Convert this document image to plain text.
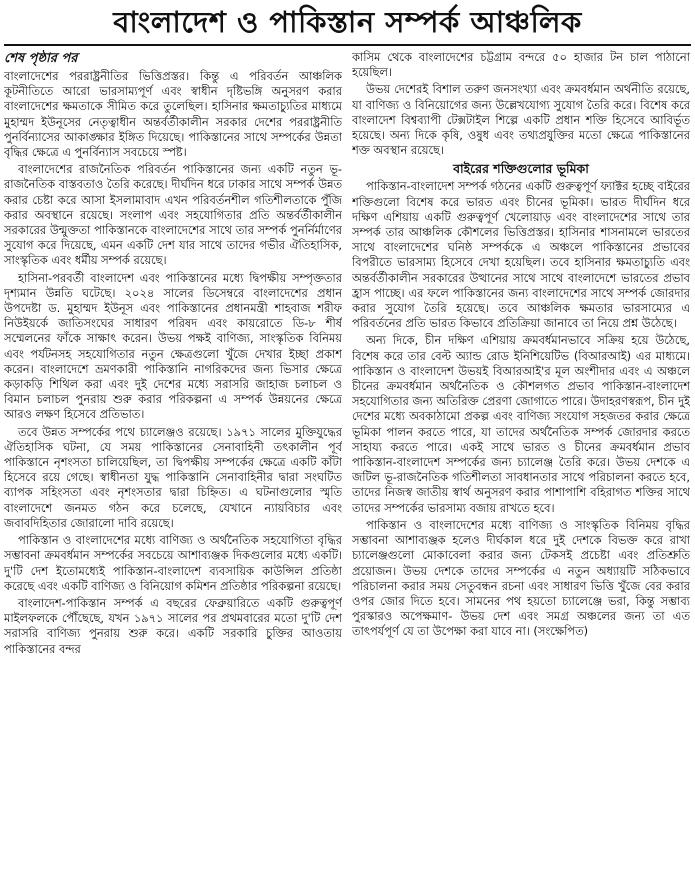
বাংলাদেশ ও পাকিস্তান সম্পর্ক আঞ্চলিক
শেষ পৃষ্ঠার পর

বাংলাদেশের পররাষ্ট্রনীতির ভিত্তিপ্রস্তর। কিন্তু এ পরিবর্তন আঞ্চলিক কূটনীতিতে আরো ভারসাম্যপূর্ণ এবং স্বাধীন দৃষ্টিভঙ্গি অনুসরণ করার বাংলাদেশের ক্ষমতাকে সীমিত করে তুলেছিল। হাসিনার ক্ষমতাচ্যুতির মাধ্যমে মুহাম্মদ ইউনূসের নেতৃত্বাধীন অন্তর্বর্তীকালীন সরকার দেশের পররাষ্ট্রনীতি পুনর্বিন্যাসের আকাঙ্ক্ষার ইঙ্গিত দিয়েছে। পাকিস্তানের সাথে সম্পর্কের উন্নতা বৃদ্ধির ক্ষেত্রে এ পুনর্বিন্যাস সবচেয়ে স্পষ্ট।

বাংলাদেশের রাজনৈতিক পরিবর্তন পাকিস্তানের জন্য একটি নতুন ভূ-রাজনৈতিক বাস্তবতাও তৈরি করেছে। দীর্ঘদিন ধরে ঢাকার সাথে সম্পর্ক উন্নত করার চেষ্টা করে আসা ইসলামাবাদ এখন পরিবর্তনশীল গতিশীলতাকে পুঁজি করার অবস্থানে রয়েছে। সংলাপ এবং সহযোগিতার প্রতি অন্তর্বর্তীকালীন সরকারের উন্মুক্ততা পাকিস্তানকে বাংলাদেশের সাথে তার সম্পর্ক পুনর্নির্মাণের সুযোগ করে দিয়েছে, এমন একটি দেশ যার সাথে তাদের গভীর ঐতিহাসিক, সাংস্কৃতিক এবং ধর্মীয় সম্পর্ক রয়েছে।

হাসিনা-পরবর্তী বাংলাদেশ এবং পাকিস্তানের মধ্যে দ্বিপক্ষীয় সম্পৃক্ততার দৃশ্যমান উন্নতি ঘটেছে। ২০২৪ সালের ডিসেম্বরে বাংলাদেশের প্রধান উপদেষ্টা ড. মুহাম্মদ ইউনূস এবং পাকিস্তানের প্রধানমন্ত্রী শাহবাজ শরীফ নিউইয়র্কে জাতিসংঘের সাধারণ পরিষদ এবং কায়রোতে ডি-৮ শীর্ষ সম্মেলনের ফাঁকে সাক্ষাৎ করেন। উভয় পক্ষই বাণিজ্য, সাংস্কৃতিক বিনিময় এবং পর্যটনসহ সহযোগিতার নতুন ক্ষেত্রগুলো খুঁজে দেখার ইচ্ছা প্রকাশ করেন। বাংলাদেশে ভ্রমণকারী পাকিস্তানি নাগরিকদের জন্য ভিসার ক্ষেত্রে কড়াকড়ি শিথিল করা এবং দুই দেশের মধ্যে সরাসরি জাহাজ চলাচল ও বিমান চলাচল পুনরায় শুরু করার পরিকল্পনা এ সম্পর্ক উন্নয়নের ক্ষেত্রে আরও লক্ষণ হিসেবে প্রতিভাত।

তবে উন্নত সম্পর্কের পথে চ্যালেঞ্জও রয়েছে। ১৯৭১ সালের মুক্তিযুদ্ধের ঐতিহাসিক ঘটনা, যে সময় পাকিস্তানের সেনাবাহিনী তৎকালীন পূর্ব পাকিস্তানে নৃশংসতা চালিয়েছিল, তা দ্বিপক্ষীয় সম্পর্কের ক্ষেত্রে একটি কাঁটা হিসেবে রয়ে গেছে। স্বাধীনতা যুদ্ধ পাকিস্তানি সেনাবাহিনীর দ্বারা সংঘটিত ব্যাপক সহিংসতা এবং নৃশংসতার দ্বারা চিহ্নিত। এ ঘটনাগুলোর স্মৃতি বাংলাদেশে জনমত গঠন করে চলেছে, যেখানে ন্যায়বিচার এবং জবাবদিহিতার জোরালো দাবি রয়েছে।

পাকিস্তান ও বাংলাদেশের মধ্যে বাণিজ্য ও অর্থনৈতিক সহযোগিতা বৃদ্ধির সম্ভাবনা ক্রমবর্ধমান সম্পর্কের সবচেয়ে আশাব্যঞ্জক দিকগুলোর মধ্যে একটি। দু'টি দেশ ইতোমধ্যেই পাকিস্তান-বাংলাদেশ ব্যবসায়িক কাউন্সিল প্রতিষ্ঠা করেছে এবং একটি বাণিজ্য ও বিনিয়োগ কমিশন প্রতিষ্ঠার পরিকল্পনা রয়েছে।

বাংলাদেশ-পাকিস্তান সম্পর্ক এ বছরের ফেব্রুয়ারিতে একটি গুরুত্বপূর্ণ মাইলফলকে পৌঁছেছে, যখন ১৯৭১ সালের পর প্রথমবারের মতো দু'টি দেশ সরাসরি বাণিজ্য পুনরায় শুরু করে। একটি সরকারি চুক্তির আওতায় পাকিস্তানের বন্দর

কাসিম থেকে বাংলাদেশের চট্টগ্রাম বন্দরে ৫০ হাজার টন চাল পাঠানো হয়েছিল।

উভয় দেশেরই বিশাল তরুণ জনসংখ্যা এবং ক্রমবর্ধমান অর্থনীতি রয়েছে, যা বাণিজ্য ও বিনিয়োগের জন্য উল্লেখযোগ্য সুযোগ তৈরি করে। বিশেষ করে বাংলাদেশ বিশ্বব্যাপী টেক্সটাইল শিল্পে একটি প্রধান শক্তি হিসেবে আবির্ভূত হয়েছে। অন্য দিকে কৃষি, ওষুধ এবং তথ্যপ্রযুক্তির মতো ক্ষেত্রে পাকিস্তানের শক্ত অবস্থান রয়েছে।

বাইরের শক্তিগুলোর ভূমিকা

পাকিস্তান-বাংলাদেশ সম্পর্ক গঠনের একটি গুরুত্বপূর্ণ ফ্যাক্টর হচ্ছে বাইরের শক্তিগুলো বিশেষ করে ভারত এবং চীনের ভূমিকা। ভারত দীর্ঘদিন ধরে দক্ষিণ এশিয়ায় একটি গুরুত্বপূর্ণ খেলোয়াড় এবং বাংলাদেশের সাথে তার সম্পর্ক তার আঞ্চলিক কৌশলের ভিত্তিপ্রস্তর। হাসিনার শাসনামলে ভারতের সাথে বাংলাদেশের ঘনিষ্ঠ সম্পর্ককে এ অঞ্চলে পাকিস্তানের প্রভাবের বিপরীতে ভারসাম্য হিসেবে দেখা হয়েছিল। তবে হাসিনার ক্ষমতাচ্যুতি এবং অন্তর্বর্তীকালীন সরকারের উত্থানের সাথে সাথে বাংলাদেশে ভারতের প্রভাব হ্রাস পাচ্ছে। এর ফলে পাকিস্তানের জন্য বাংলাদেশের সাথে সম্পর্ক জোরদার করার সুযোগ তৈরি হয়েছে। তবে আঞ্চলিক ক্ষমতার ভারসাম্যের এ পরিবর্তনের প্রতি ভারত কিভাবে প্রতিক্রিয়া জানাবে তা নিয়ে প্রশ্ন উঠেছে।

অন্য দিকে, চীন দক্ষিণ এশিয়ায় ক্রমবর্ধমানভাবে সক্রিয় হয়ে উঠেছে, বিশেষ করে তার বেল্ট অ্যান্ড রোড ইনিশিয়েটিভ (বিআরআই) এর মাধ্যমে। পাকিস্তান ও বাংলাদেশ উভয়ই বিআরআই'র মূল অংশীদার এবং এ অঞ্চলে চীনের ক্রমবর্ধমান অর্থনৈতিক ও কৌশলগত প্রভাব পাকিস্তান-বাংলাদেশ সহযোগিতার জন্য অতিরিক্ত প্রেরণা জোগাতে পারে। উদাহরণস্বরূপ, চীন দুই দেশের মধ্যে অবকাঠামো প্রকল্প এবং বাণিজ্য সংযোগ সহজতর করার ক্ষেত্রে ভূমিকা পালন করতে পারে, যা তাদের অর্থনৈতিক সম্পর্ক জোরদার করতে সাহায্য করতে পারে। একই সাথে ভারত ও চীনের ক্রমবর্ধমান প্রভাব পাকিস্তান-বাংলাদেশ সম্পর্কের জন্য চ্যালেঞ্জ তৈরি করে। উভয় দেশকে এ জটিল ভূ-রাজনৈতিক গতিশীলতা সাবধানতার সাথে পরিচালনা করতে হবে, তাদের নিজস্ব জাতীয় স্বার্থ অনুসরণ করার পাশাপাশি বহিরাগত শক্তির সাথে তাদের সম্পর্কের ভারসাম্য বজায় রাখতে হবে।

পাকিস্তান ও বাংলাদেশের মধ্যে বাণিজ্য ও সাংস্কৃতিক বিনিময় বৃদ্ধির সম্ভাবনা আশাব্যঞ্জক হলেও দীর্ঘকাল ধরে দুই দেশকে বিভক্ত করে রাখা চ্যালেঞ্জগুলো মোকাবেলা করার জন্য টেকসই প্রচেষ্টা এবং প্রতিশ্রুতি প্রয়োজন। উভয় দেশকে তাদের সম্পর্কের এ নতুন অধ্যায়টি সঠিকভাবে পরিচালনা করার সময় সেতুবন্ধন রচনা এবং সাধারণ ভিত্তি খুঁজে বের করার ওপর জোর দিতে হবে। সামনের পথ হয়তো চ্যালেঞ্জে ভরা, কিন্তু সম্ভাব্য পুরস্কারও অপেক্ষমাণ- উভয় দেশ এবং সমগ্র অঞ্চলের জন্য তা এত তাৎপর্যপূর্ণ যে তা উপেক্ষা করা যাবে না। (সংক্ষেপিত)
